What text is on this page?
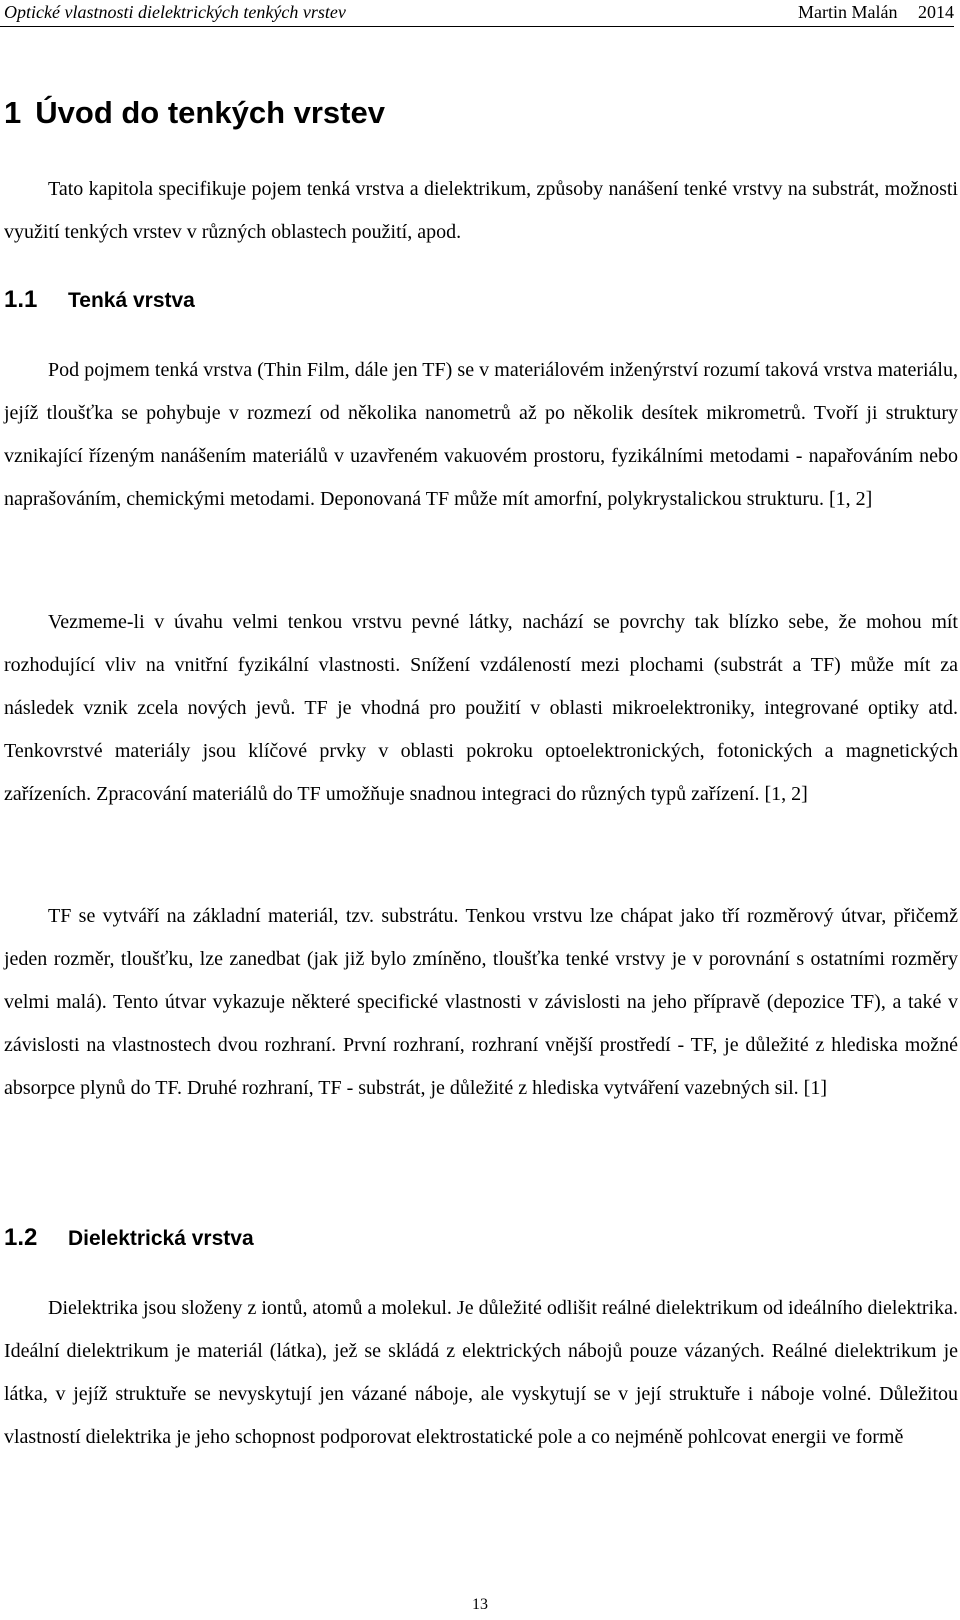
Optické vlastnosti dielektrických tenkých vrstev	Martin Malán 2014
1 Úvod do tenkých vrstev

Tato kapitola specifikuje pojem tenká vrstva a dielektrikum, způsoby nanášení tenké vrstvy na substrát, možnosti využití tenkých vrstev v různých oblastech použití, apod.

1.1 Tenká vrstva

Pod pojmem tenká vrstva (Thin Film, dále jen TF) se v materiálovém inženýrství rozumí taková vrstva materiálu, jejíž tloušťka se pohybuje v rozmezí od několika nanometrů až po několik desítek mikrometrů. Tvoří ji struktury vznikající řízeným nanášením materiálů v uzavřeném vakuovém prostoru, fyzikálními metodami - napařováním nebo naprašováním, chemickými metodami. Deponovaná TF může mít amorfní, polykrystalickou strukturu. [1, 2]

Vezmeme-li v úvahu velmi tenkou vrstvu pevné látky, nachází se povrchy tak blízko sebe, že mohou mít rozhodující vliv na vnitřní fyzikální vlastnosti. Snížení vzdáleností mezi plochami (substrát a TF) může mít za následek vznik zcela nových jevů. TF je vhodná pro použití v oblasti mikroelektroniky, integrované optiky atd. Tenkovrstvé materiály jsou klíčové prvky v oblasti pokroku optoelektronických, fotonických a magnetických zařízeních. Zpracování materiálů do TF umožňuje snadnou integraci do různých typů zařízení. [1, 2]

TF se vytváří na základní materiál, tzv. substrátu. Tenkou vrstvu lze chápat jako tří rozměrový útvar, přičemž jeden rozměr, tloušťku, lze zanedbat (jak již bylo zmíněno, tloušťka tenké vrstvy je v porovnání s ostatními rozměry velmi malá). Tento útvar vykazuje některé specifické vlastnosti v závislosti na jeho přípravě (depozice TF), a také v závislosti na vlastnostech dvou rozhraní. První rozhraní, rozhraní vnější prostředí - TF, je důležité z hlediska možné absorpce plynů do TF. Druhé rozhraní, TF - substrát, je důležité z hlediska vytváření vazebných sil. [1]

1.2 Dielektrická vrstva

Dielektrika jsou složeny z iontů, atomů a molekul. Je důležité odlišit reálné dielektrikum od ideálního dielektrika. Ideální dielektrikum je materiál (látka), jež se skládá z elektrických nábojů pouze vázaných. Reálné dielektrikum je látka, v jejíž struktuře se nevyskytují jen vázané náboje, ale vyskytují se v její struktuře i náboje volné. Důležitou vlastností dielektrika je jeho schopnost podporovat elektrostatické pole a co nejméně pohlcovat energii ve formě

13
